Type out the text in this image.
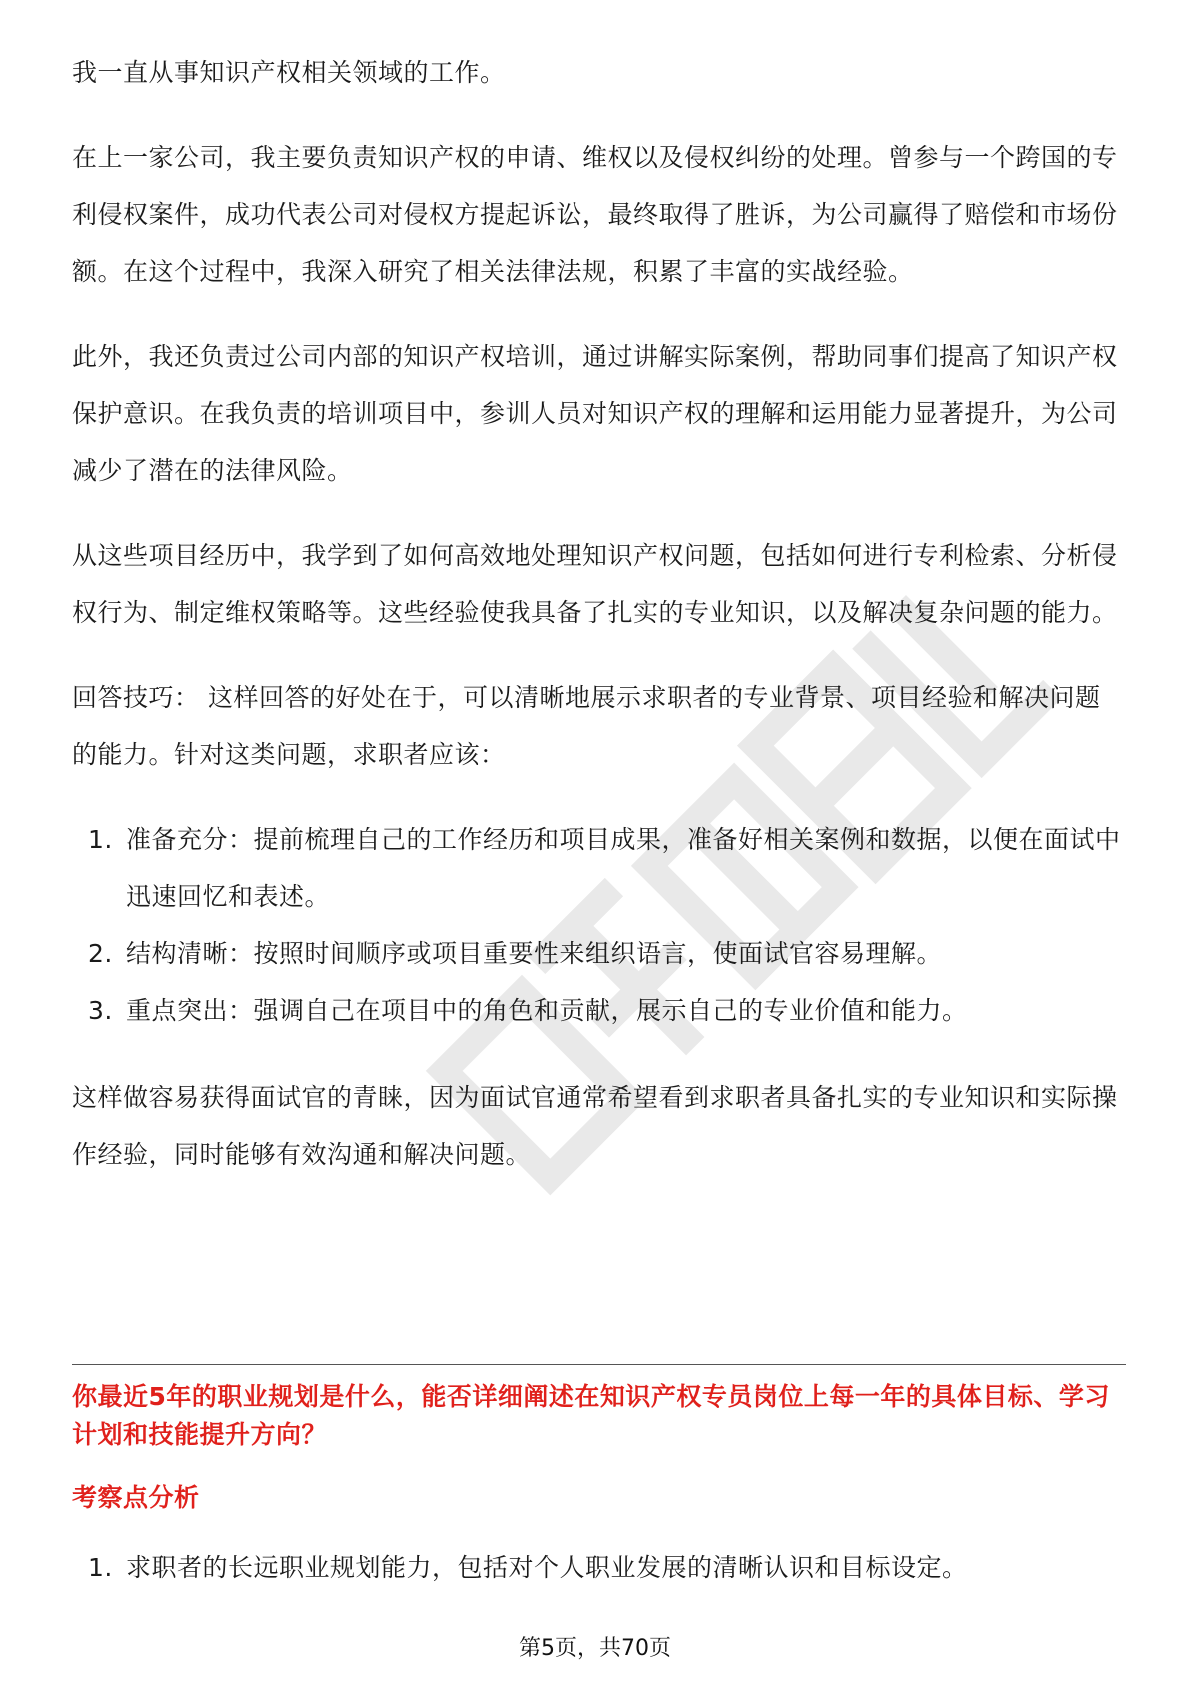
我一直从事知识产权相关领域的工作。

在上一家公司，我主要负责知识产权的申请、维权以及侵权纠纷的处理。曾参与一个跨国的专利侵权案件，成功代表公司对侵权方提起诉讼，最终取得了胜诉，为公司赢得了赔偿和市场份额。在这个过程中，我深入研究了相关法律法规，积累了丰富的实战经验。

此外，我还负责过公司内部的知识产权培训，通过讲解实际案例，帮助同事们提高了知识产权保护意识。在我负责的培训项目中，参训人员对知识产权的理解和运用能力显著提升，为公司减少了潜在的法律风险。

从这些项目经历中，我学到了如何高效地处理知识产权问题，包括如何进行专利检索、分析侵权行为、制定维权策略等。这些经验使我具备了扎实的专业知识，以及解决复杂问题的能力。

回答技巧： 这样回答的好处在于，可以清晰地展示求职者的专业背景、项目经验和解决问题的能力。针对这类问题，求职者应该：

1. 准备充分：提前梳理自己的工作经历和项目成果，准备好相关案例和数据，以便在面试中迅速回忆和表述。
2. 结构清晰：按照时间顺序或项目重要性来组织语言，使面试官容易理解。
3. 重点突出：强调自己在项目中的角色和贡献，展示自己的专业价值和能力。

这样做容易获得面试官的青睐，因为面试官通常希望看到求职者具备扎实的专业知识和实际操作经验，同时能够有效沟通和解决问题。

你最近5年的职业规划是什么，能否详细阐述在知识产权专员岗位上每一年的具体目标、学习计划和技能提升方向？
考察点分析
1. 求职者的长远职业规划能力，包括对个人职业发展的清晰认识和目标设定。
第5页，共70页
